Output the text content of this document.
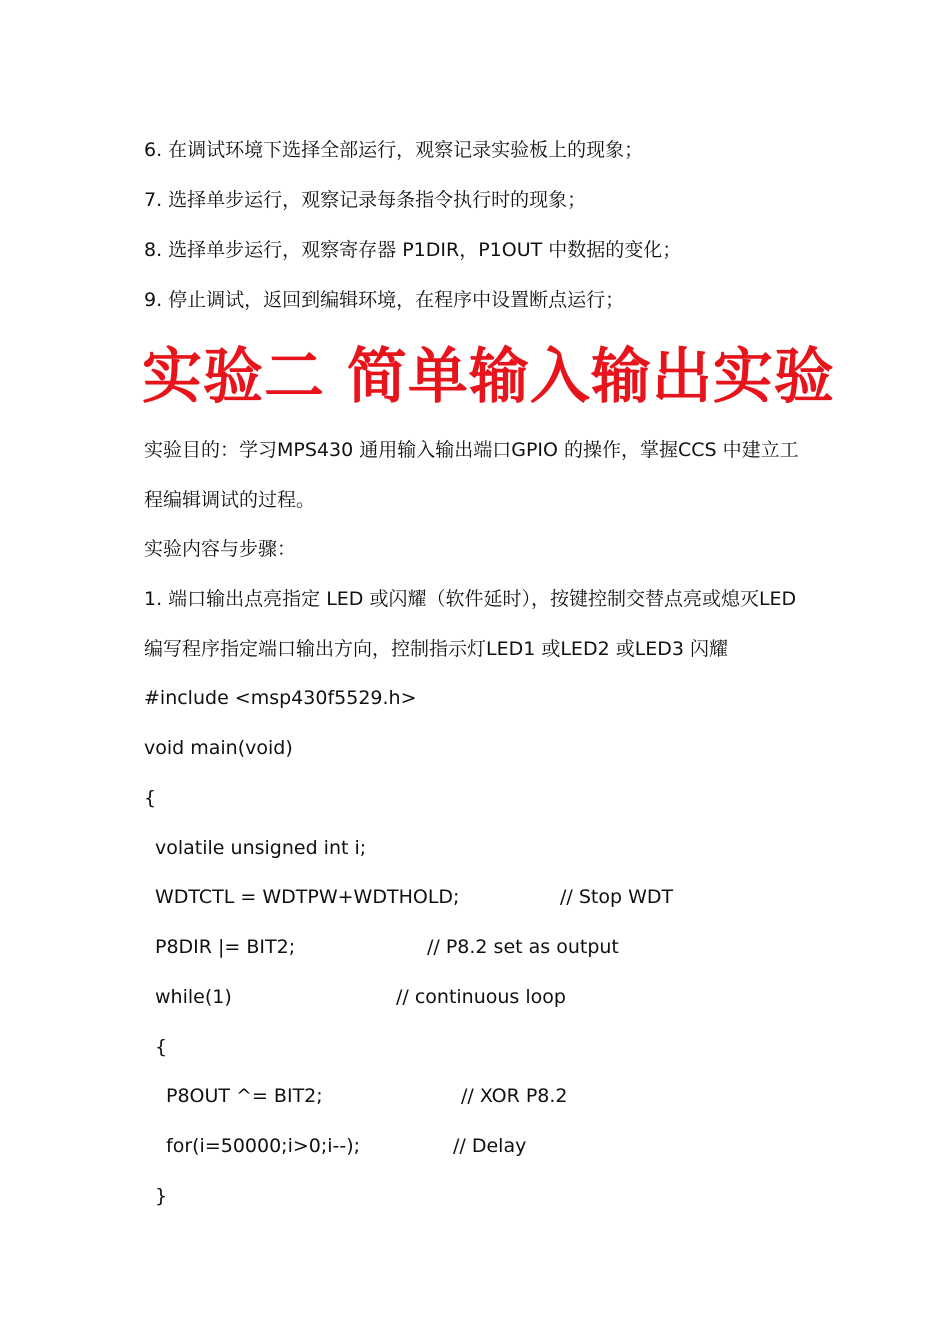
6. 在调试环境下选择全部运行，观察记录实验板上的现象；
7. 选择单步运行，观察记录每条指令执行时的现象；
8. 选择单步运行，观察寄存器 P1DIR，P1OUT 中数据的变化；
9. 停止调试，返回到编辑环境，在程序中设置断点运行；
实验二 简单输入输出实验
实验目的：学习MPS430 通用输入输出端口GPIO 的操作，掌握CCS 中建立工
程编辑调试的过程。
实验内容与步骤：
1. 端口输出点亮指定 LED 或闪耀（软件延时），按键控制交替点亮或熄灭LED
编写程序指定端口输出方向，控制指示灯LED1 或LED2 或LED3 闪耀
#include <msp430f5529.h>
void main(void)
{
volatile unsigned int i;
WDTCTL = WDTPW+WDTHOLD;	// Stop WDT
P8DIR |= BIT2;	// P8.2 set as output
while(1)	// continuous loop
{
P8OUT ^= BIT2;	// XOR P8.2
for(i=50000;i>0;i--);	// Delay
}
